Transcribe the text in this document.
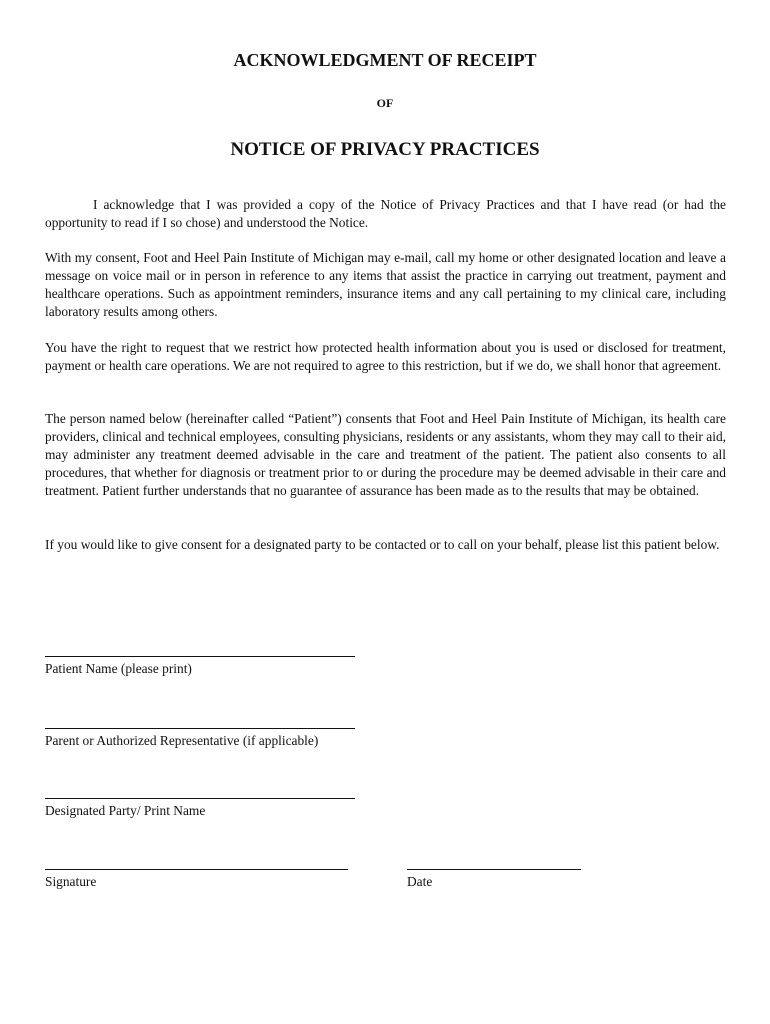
ACKNOWLEDGMENT OF RECEIPT
OF
NOTICE OF PRIVACY PRACTICES

I acknowledge that I was provided a copy of the Notice of Privacy Practices and that I have read (or had the opportunity to read if I so chose) and understood the Notice.

With my consent, Foot and Heel Pain Institute of Michigan may e-mail, call my home or other designated location and leave a message on voice mail or in person in reference to any items that assist the practice in carrying out treatment, payment and healthcare operations. Such as appointment reminders, insurance items and any call pertaining to my clinical care, including laboratory results among others.

You have the right to request that we restrict how protected health information about you is used or disclosed for treatment, payment or health care operations. We are not required to agree to this restriction, but if we do, we shall honor that agreement.

The person named below (hereinafter called “Patient”) consents that Foot and Heel Pain Institute of Michigan, its health care providers, clinical and technical employees, consulting physicians, residents or any assistants, whom they may call to their aid, may administer any treatment deemed advisable in the care and treatment of the patient. The patient also consents to all procedures, that whether for diagnosis or treatment prior to or during the procedure may be deemed advisable in their care and treatment. Patient further understands that no guarantee of assurance has been made as to the results that may be obtained.

If you would like to give consent for a designated party to be contacted or to call on your behalf, please list this patient below.

Patient Name (please print)

Parent or Authorized Representative (if applicable)

Designated Party/ Print Name

Signature	Date
